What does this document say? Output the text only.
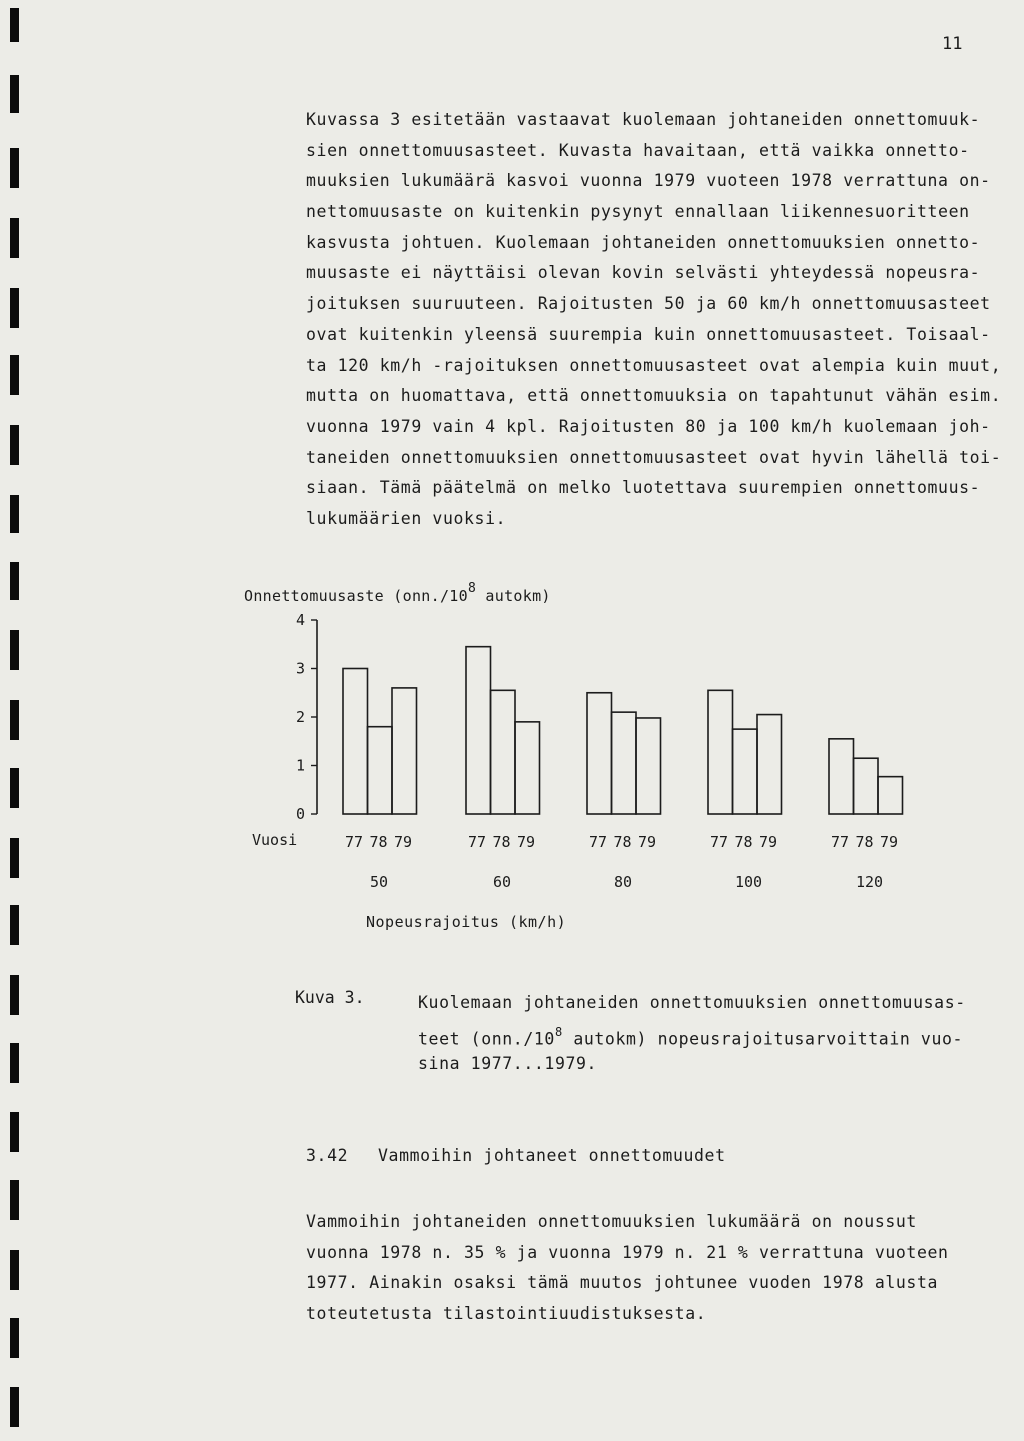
11
Kuvassa 3 esitetään vastaavat kuolemaan johtaneiden onnettomuuk-
sien onnettomuusasteet. Kuvasta havaitaan, että vaikka onnetto-
muuksien lukumäärä kasvoi vuonna 1979 vuoteen 1978 verrattuna on-
nettomuusaste on kuitenkin pysynyt ennallaan liikennesuoritteen
kasvusta johtuen. Kuolemaan johtaneiden onnettomuuksien onnetto-
muusaste ei näyttäisi olevan kovin selvästi yhteydessä nopeusra-
joituksen suuruuteen. Rajoitusten 50 ja 60 km/h onnettomuusasteet
ovat kuitenkin yleensä suurempia kuin onnettomuusasteet. Toisaal-
ta 120 km/h -rajoituksen onnettomuusasteet ovat alempia kuin muut,
mutta on huomattava, että onnettomuuksia on tapahtunut vähän esim.
vuonna 1979 vain 4 kpl. Rajoitusten 80 ja 100 km/h kuolemaan joh-
taneiden onnettomuuksien onnettomuusasteet ovat hyvin lähellä toi-
siaan. Tämä päätelmä on melko luotettava suurempien onnettomuus-
lukumäärien vuoksi.
Onnettomuusaste (onn./108 autokm)
0
1
2
3
4
77 78 79
50
77 78 79
60
77 78 79
80
77 78 79
100
77 78 79
120
Vuosi
Nopeusrajoitus (km/h)
Kuva 3.	Kuolemaan johtaneiden onnettomuuksien onnettomuusas-
teet ($onn./10^8$ autokm) nopeusrajoitusarvoittain vuo-
sina 1977...1979.
3.42 Vammoihin johtaneet onnettomuudet
Vammoihin johtaneiden onnettomuuksien lukumäärä on noussut
vuonna 1978 n. 35 % ja vuonna 1979 n. 21 % verrattuna vuoteen
1977. Ainakin osaksi tämä muutos johtunee vuoden 1978 alusta
toteutetusta tilastointiuudistuksesta.
